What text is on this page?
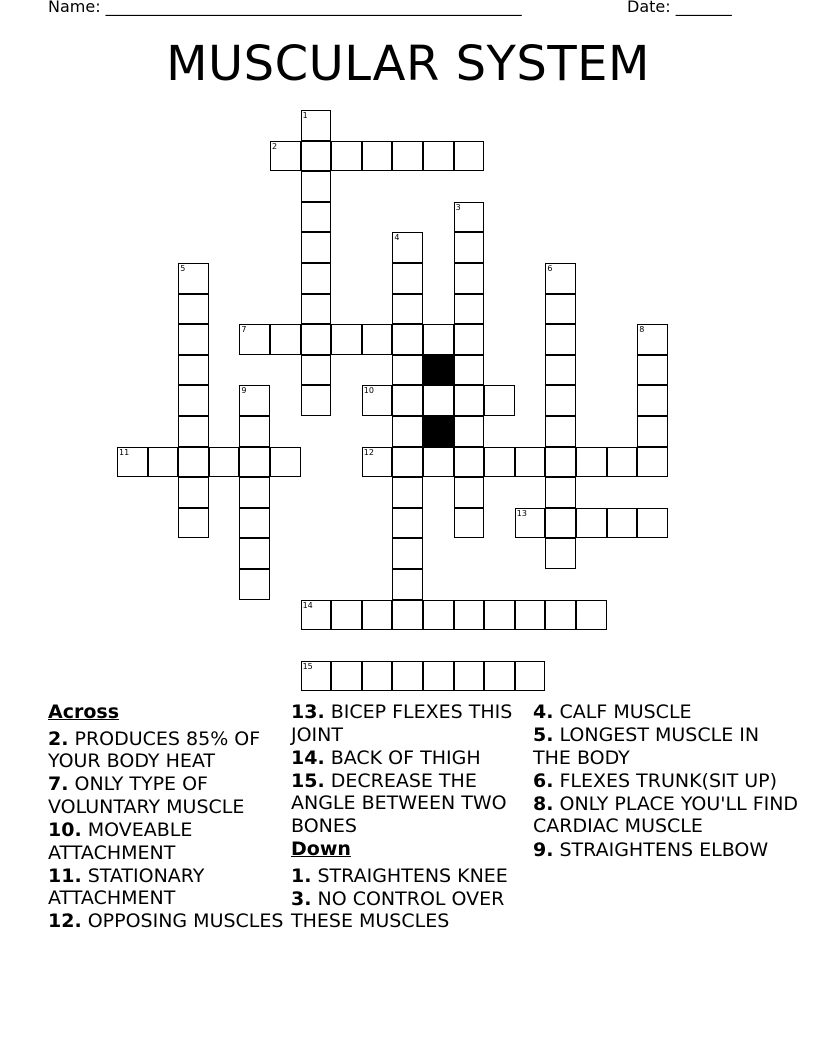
Name: ____________________________________________________	Date: _______
MUSCULAR SYSTEM
1
2
3
4
5	6
7	8
9	10
11	12
13
14
15
Across
2. PRODUCES 85% OF YOUR BODY HEAT
7. ONLY TYPE OF VOLUNTARY MUSCLE
10. MOVEABLE ATTACHMENT
11. STATIONARY ATTACHMENT
12. OPPOSING MUSCLES
13. BICEP FLEXES THIS JOINT
14. BACK OF THIGH
15. DECREASE THE ANGLE BETWEEN TWO BONES
Down
1. STRAIGHTENS KNEE
3. NO CONTROL OVER THESE MUSCLES
4. CALF MUSCLE
5. LONGEST MUSCLE IN THE BODY
6. FLEXES TRUNK(SIT UP)
8. ONLY PLACE YOU'LL FIND CARDIAC MUSCLE
9. STRAIGHTENS ELBOW
